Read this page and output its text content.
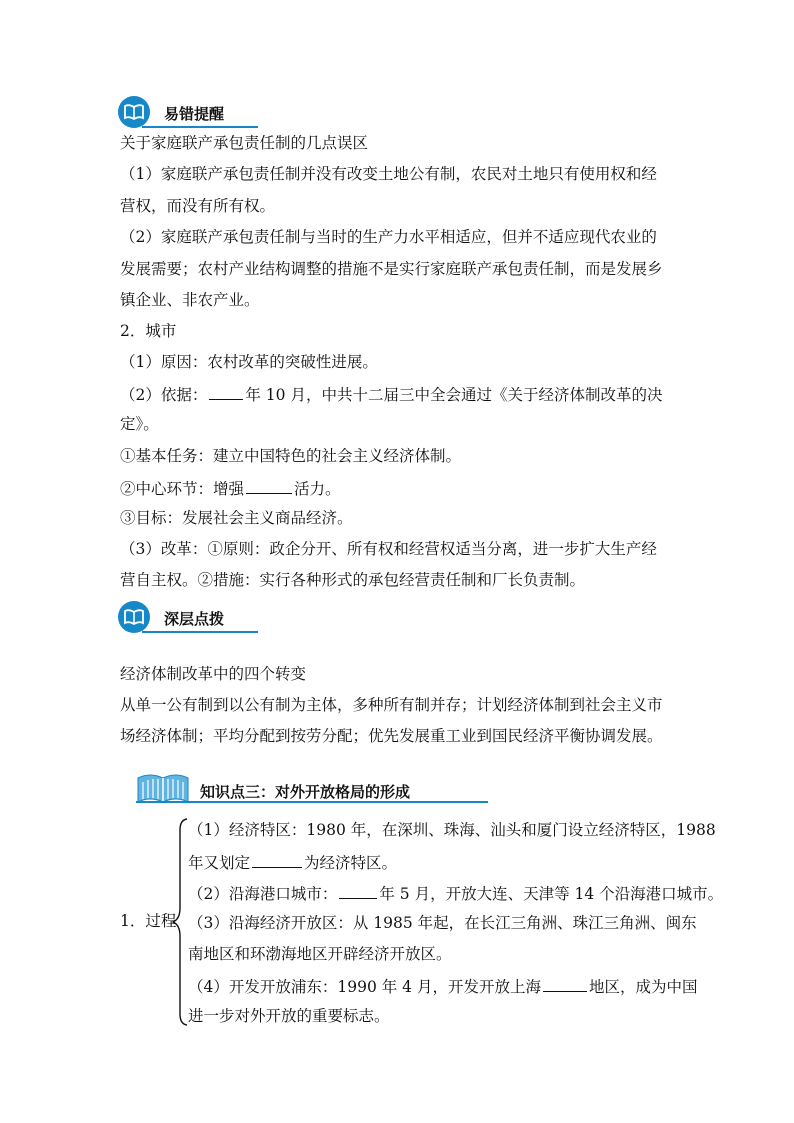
易错提醒
关于家庭联产承包责任制的几点误区
（1）家庭联产承包责任制并没有改变土地公有制，农民对土地只有使用权和经
营权，而没有所有权。
（2）家庭联产承包责任制与当时的生产力水平相适应，但并不适应现代农业的
发展需要；农村产业结构调整的措施不是实行家庭联产承包责任制，而是发展乡
镇企业、非农产业。
2．城市
（1）原因：农村改革的突破性进展。
（2）依据： 年 10 月，中共十二届三中全会通过《关于经济体制改革的决
定》。
①基本任务：建立中国特色的社会主义经济体制。
②中心环节：增强	活力。
③目标：发展社会主义商品经济。
（3）改革：①原则：政企分开、所有权和经营权适当分离，进一步扩大生产经
营自主权。②措施：实行各种形式的承包经营责任制和厂长负责制。
深层点拨
经济体制改革中的四个转变
从单一公有制到以公有制为主体，多种所有制并存；计划经济体制到社会主义市
场经济体制；平均分配到按劳分配；优先发展重工业到国民经济平衡协调发展。
知识点三：对外开放格局的形成
1．过程
（1）经济特区：1980 年，在深圳、珠海、汕头和厦门设立经济特区，1988
年又划定	为经济特区。
（2）沿海港口城市：	年 5 月，开放大连、天津等 14 个沿海港口城市。
（3）沿海经济开放区：从 1985 年起，在长江三角洲、珠江三角洲、闽东
南地区和环渤海地区开辟经济开放区。
（4）开发开放浦东：1990 年 4 月，开发开放上海	地区，成为中国
进一步对外开放的重要标志。
